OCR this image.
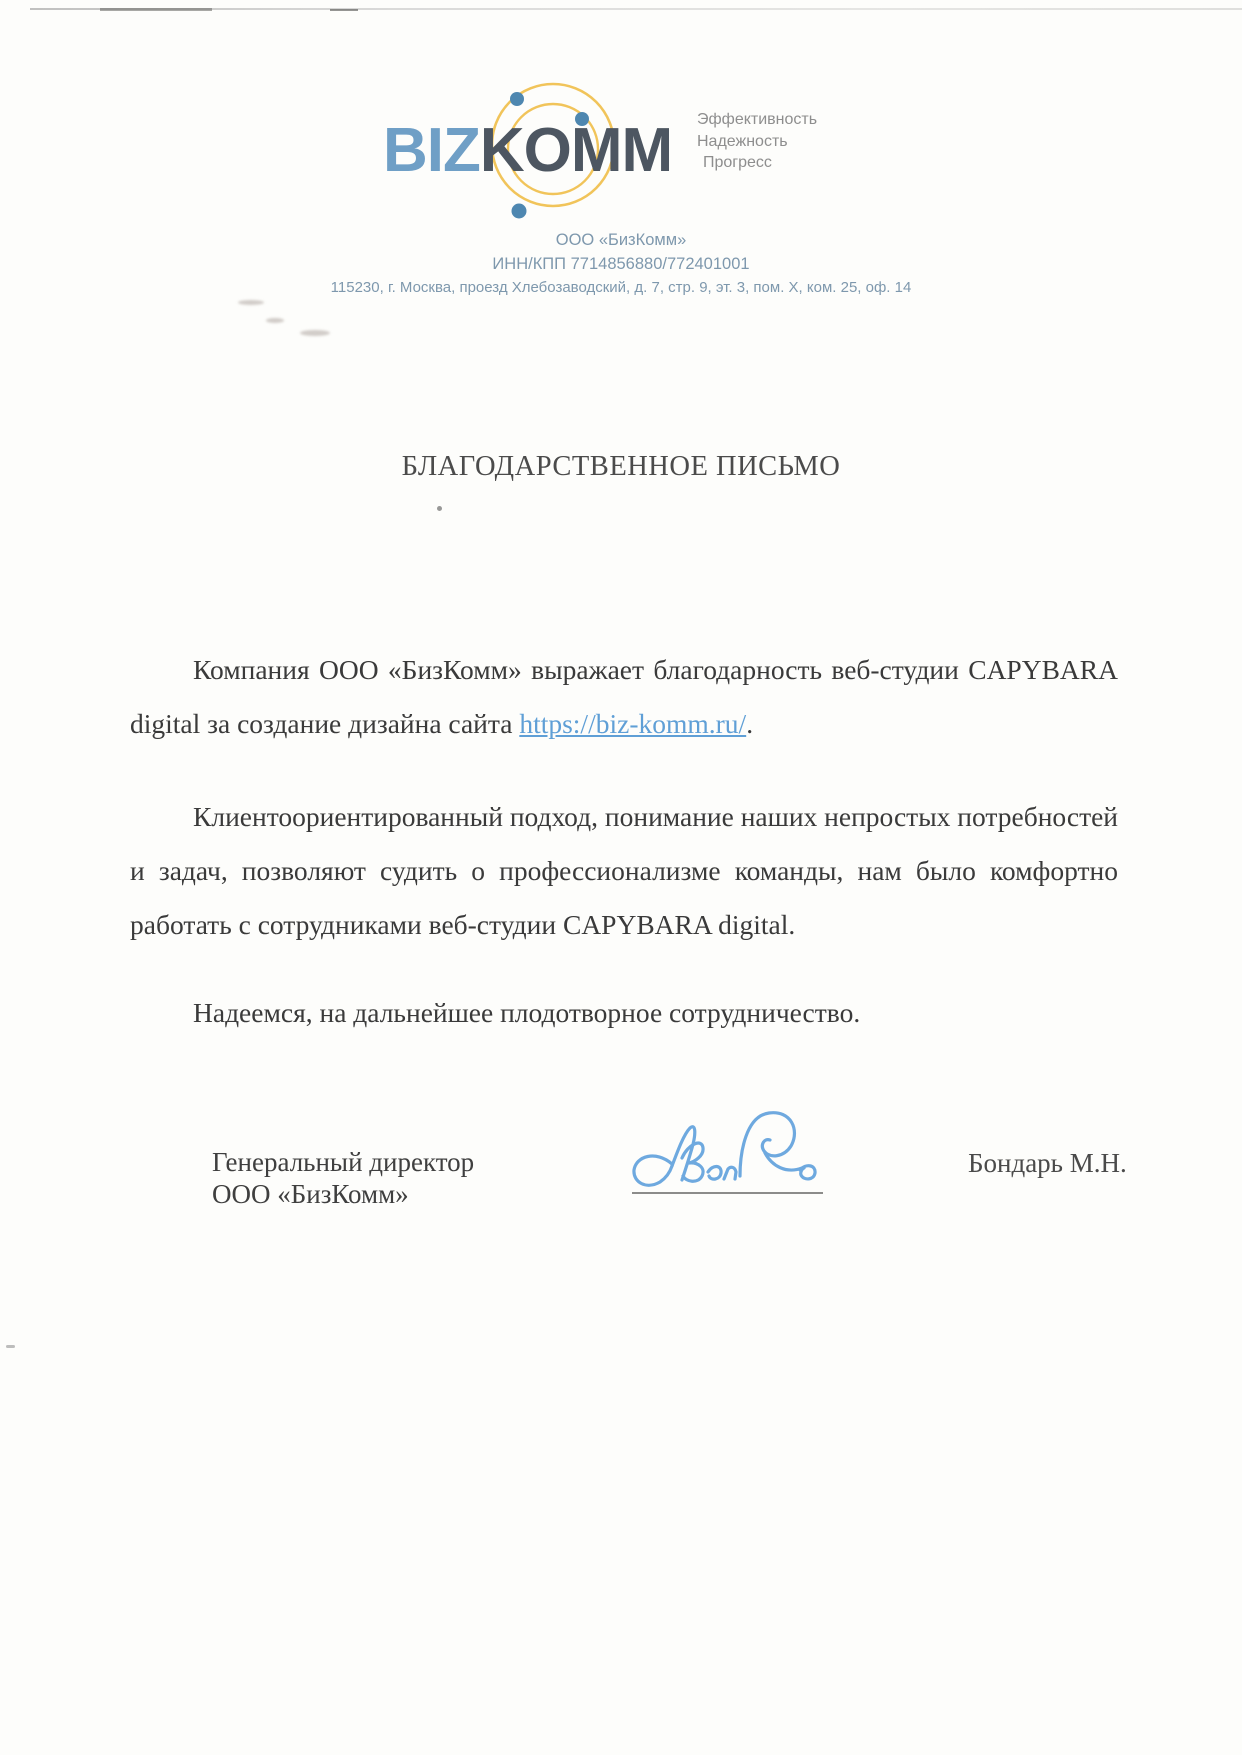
BIZKOMM Эффективность
Надежность
Прогресс
ООО «БизКомм»
ИНН/КПП 7714856880/772401001
115230, г. Москва, проезд Хлебозаводский, д. 7, стр. 9, эт. 3, пом. X, ком. 25, оф. 14
БЛАГОДАРСТВЕННОЕ ПИСЬМО

Компания ООО «БизКомм» выражает благодарность веб-студии CAPYBARA digital за создание дизайна сайта https://biz-komm.ru/.

Клиентоориентированный подход, понимание наших непростых потребностей и задач, позволяют судить о профессионализме команды, нам было комфортно работать с сотрудниками веб-студии CAPYBARA digital.

Надеемся, на дальнейшее плодотворное сотрудничество.

Генеральный директор
ООО «БизКомм»
Бондарь М.Н.
